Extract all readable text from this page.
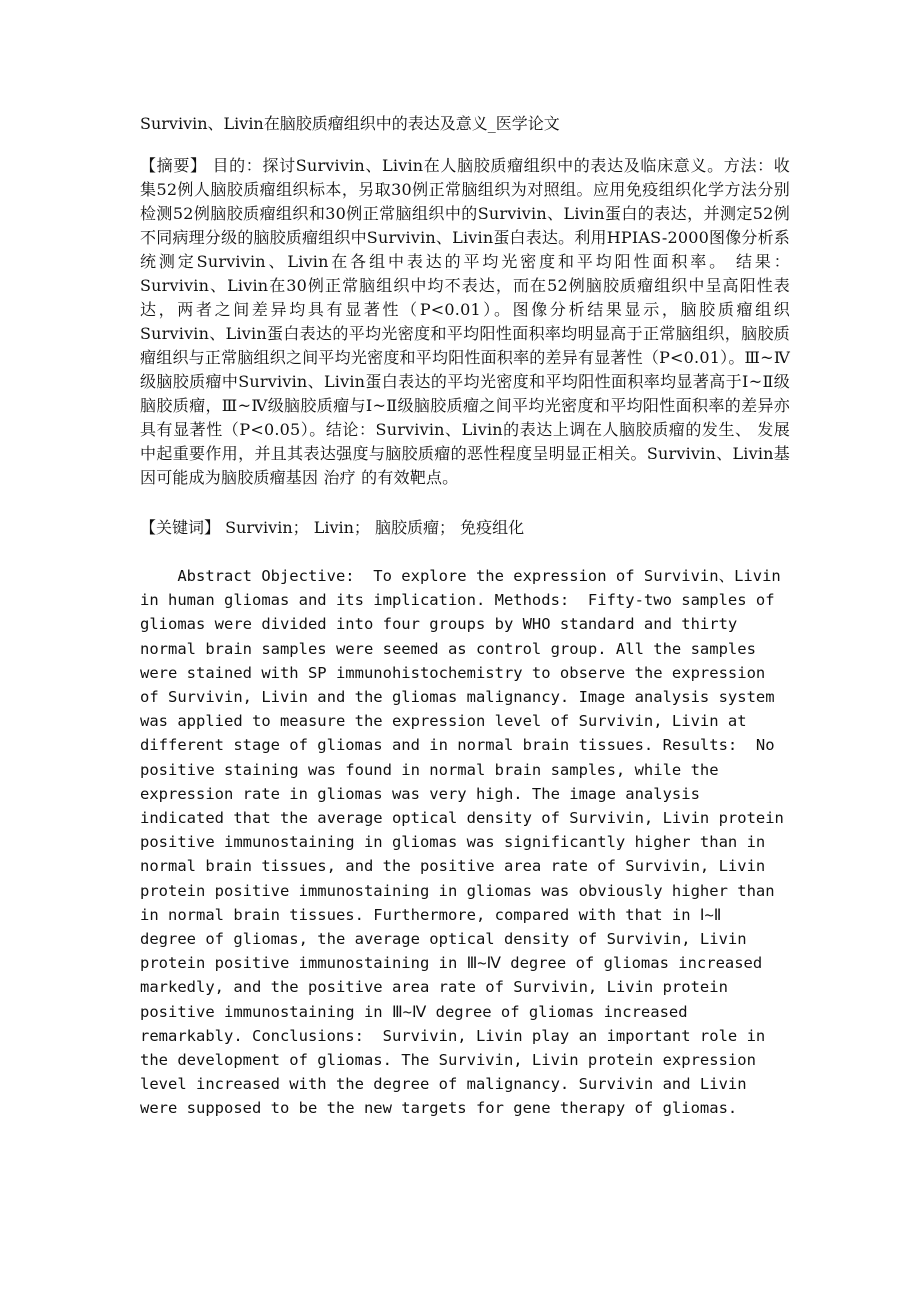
Survivin、Livin在脑胶质瘤组织中的表达及意义_医学论文

【摘要】 目的：探讨Survivin、Livin在人脑胶质瘤组织中的表达及临床意义。方法：收集52例人脑胶质瘤组织标本，另取30例正常脑组织为对照组。应用免疫组织化学方法分别检测52例脑胶质瘤组织和30例正常脑组织中的Survivin、Livin蛋白的表达，并测定52例不同病理分级的脑胶质瘤组织中Survivin、Livin蛋白表达。利用HPIAS-2000图像分析系统测定Survivin、Livin在各组中表达的平均光密度和平均阳性面积率。 结果：Survivin、Livin在30例正常脑组织中均不表达，而在52例脑胶质瘤组织中呈高阳性表达，两者之间差异均具有显著性（P<0.01）。图像分析结果显示，脑胶质瘤组织Survivin、Livin蛋白表达的平均光密度和平均阳性面积率均明显高于正常脑组织，脑胶质瘤组织与正常脑组织之间平均光密度和平均阳性面积率的差异有显著性（P<0.01）。Ⅲ~Ⅳ级脑胶质瘤中Survivin、Livin蛋白表达的平均光密度和平均阳性面积率均显著高于Ⅰ~Ⅱ级脑胶质瘤，Ⅲ~Ⅳ级脑胶质瘤与Ⅰ~Ⅱ级脑胶质瘤之间平均光密度和平均阳性面积率的差异亦具有显著性（P<0.05）。结论：Survivin、Livin的表达上调在人脑胶质瘤的发生、 发展中起重要作用，并且其表达强度与脑胶质瘤的恶性程度呈明显正相关。Survivin、Livin基因可能成为脑胶质瘤基因 治疗 的有效靶点。

【关键词】 Survivin； Livin； 脑胶质瘤； 免疫组化

Abstract Objective:  To explore the expression of Survivin、Livin
in human gliomas and its implication. Methods:  Fifty-two samples of
gliomas were divided into four groups by WHO standard and thirty
normal brain samples were seemed as control group. All the samples
were stained with SP immunohistochemistry to observe the expression
of Survivin, Livin and the gliomas malignancy. Image analysis system
was applied to measure the expression level of Survivin, Livin at
different stage of gliomas and in normal brain tissues. Results:  No
positive staining was found in normal brain samples, while the
expression rate in gliomas was very high. The image analysis
indicated that the average optical density of Survivin, Livin protein
positive immunostaining in gliomas was significantly higher than in
normal brain tissues, and the positive area rate of Survivin, Livin
protein positive immunostaining in gliomas was obviously higher than
in normal brain tissues. Furthermore, compared with that in Ⅰ~Ⅱ
degree of gliomas, the average optical density of Survivin, Livin
protein positive immunostaining in Ⅲ~Ⅳ degree of gliomas increased
markedly, and the positive area rate of Survivin, Livin protein
positive immunostaining in Ⅲ~Ⅳ degree of gliomas increased
remarkably. Conclusions:  Survivin, Livin play an important role in
the development of gliomas. The Survivin, Livin protein expression
level increased with the degree of malignancy. Survivin and Livin
were supposed to be the new targets for gene therapy of gliomas.
